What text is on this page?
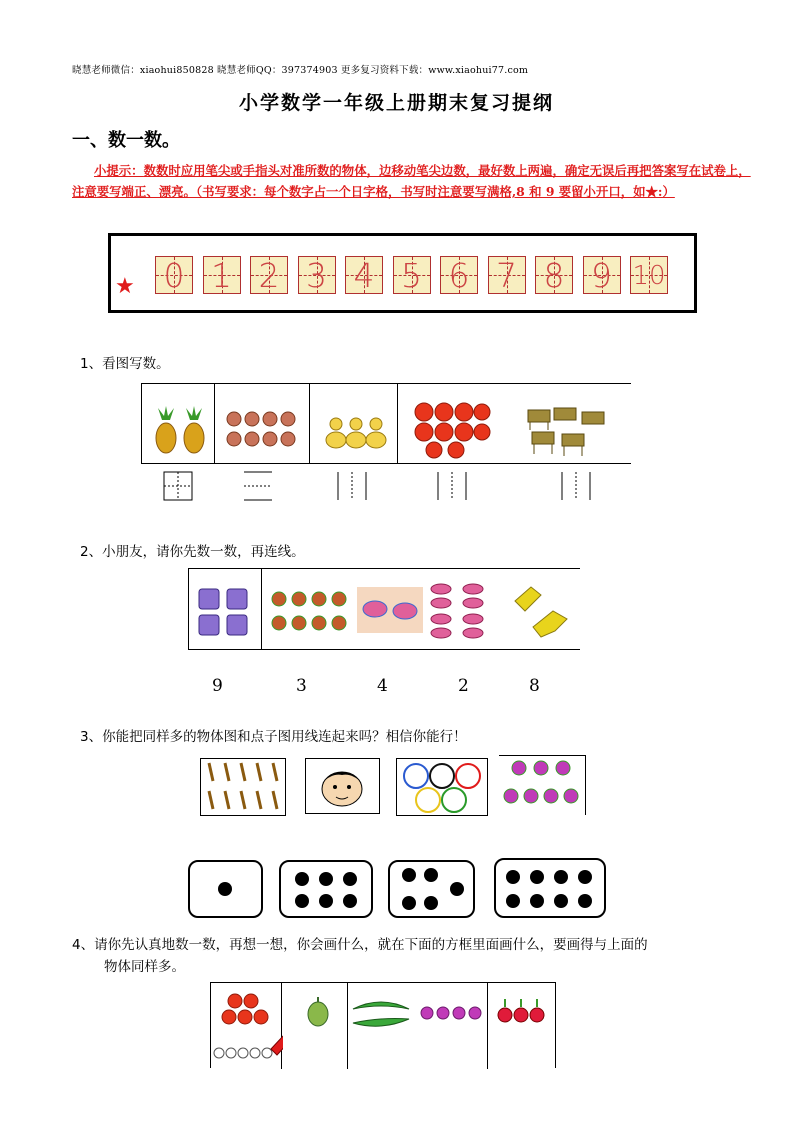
晓慧老师微信：xiaohui850828 晓慧老师QQ：397374903 更多复习资料下载：www.xiaohui77.com
小学数学一年级上册期末复习提纲
一、数一数。
小提示：数数时应用笔尖或手指头对准所数的物体，边移动笔尖边数，最好数上两遍，确定无误后再把答案写在试卷上，注意要写端正、漂亮。（书写要求：每个数字占一个日字格，书写时注意要写满格,8 和 9 要留小开口，如★:）
★ 0 1 2 3 4 5 6 7 8 9 10
1、看图写数。
2、小朋友，请你先数一数，再连线。
9	3	4	2	8
3、你能把同样多的物体图和点子图用线连起来吗？相信你能行！
4、请你先认真地数一数，再想一想，你会画什么，就在下面的方框里面画什么，要画得与上面的
物体同样多。
